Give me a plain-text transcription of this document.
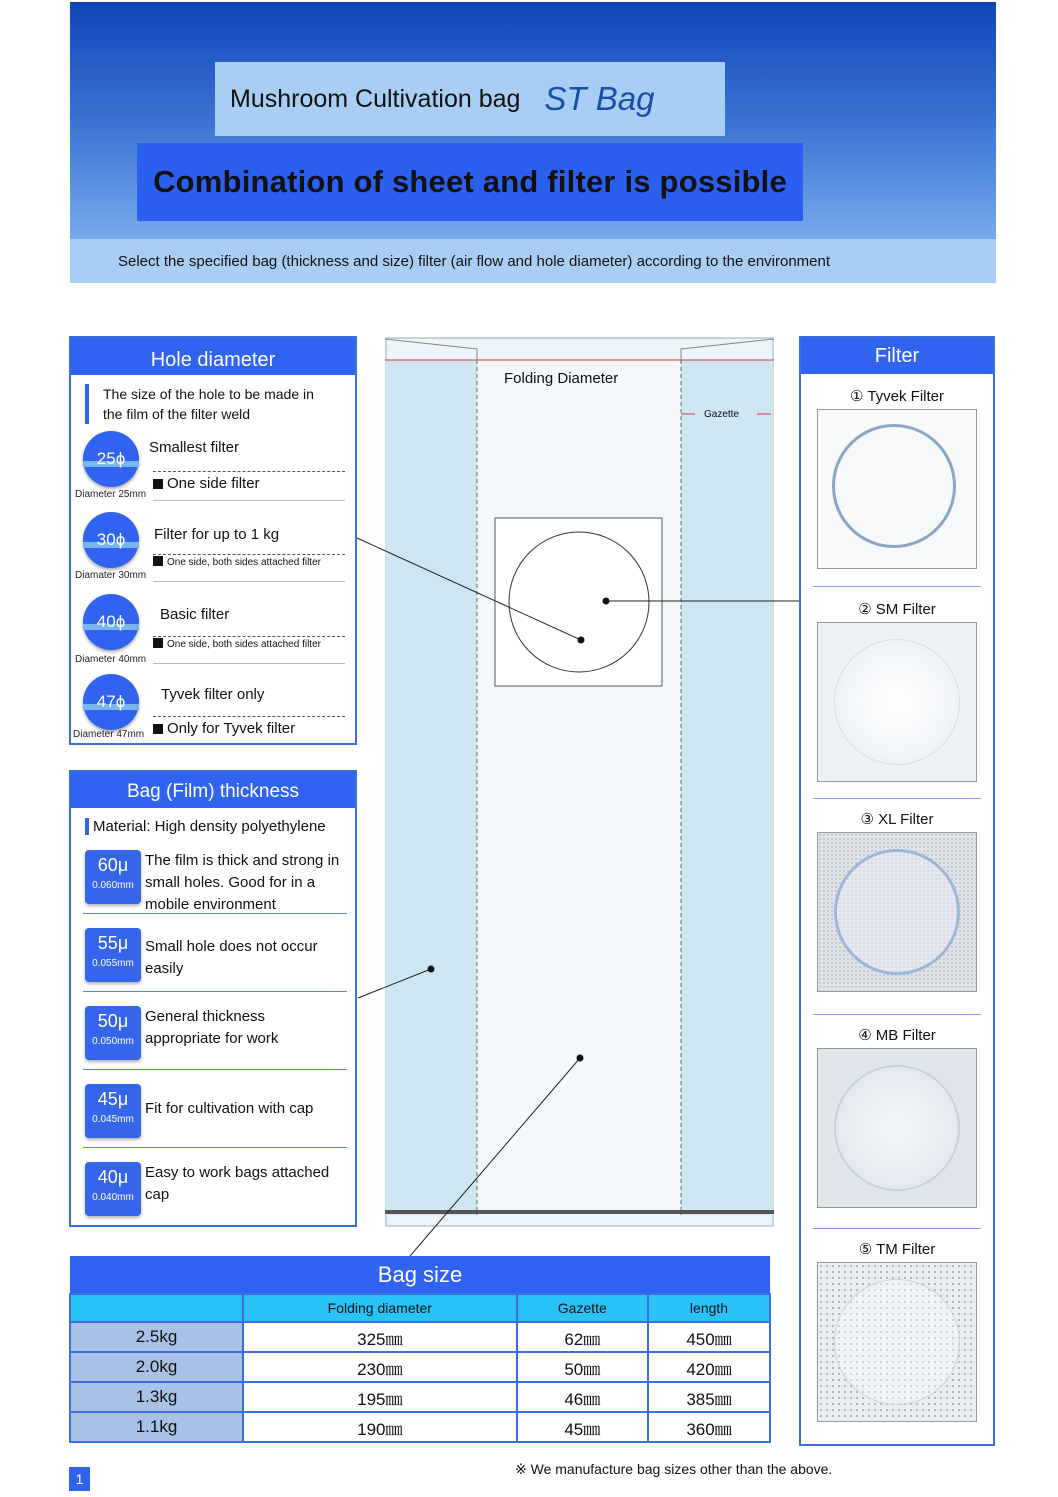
Mushroom Cultivation bag ST Bag
Combination of sheet and filter is possible
Select the specified bag (thickness and size) filter (air flow and hole diameter) according to the environment
Hole diameter
The size of the hole to be made in
the film of the filter weld
25ϕ
Smallest filter
One side filter
Diameter 25mm
30ϕ Filter for up to 1 kg
One side, both sides attached filter
Diamater 30mm
40ϕ Basic filter
One side, both sides attached filter
Diameter 40mm
47ϕ Tyvek filter only
Only for Tyvek filter
Diameter 47mm
Bag (Film) thickness
Material: High density polyethylene
60μ
0.060mm
The film is thick and strong in small holes. Good for in a mobile environment
55μ
0.055mm
Small hole does not occur easily
50μ
0.050mm
General thickness appropriate for work
45μ
0.045mm
Fit for cultivation with cap
40μ
0.040mm
Easy to work bags attached cap
Folding Diameter
Gazette
Filter
① Tyvek Filter
② SM Filter
③ XL Filter
④ MB Filter
⑤ TM Filter
Bag size			
	Folding diameter	Gazette	length
2.5kg	325㎜	62㎜	450㎜
2.0kg	230㎜	50㎜	420㎜
1.3kg	195㎜	46㎜	385㎜
1.1kg	190㎜	45㎜	360㎜
※ We manufacture bag sizes other than the above.
1
